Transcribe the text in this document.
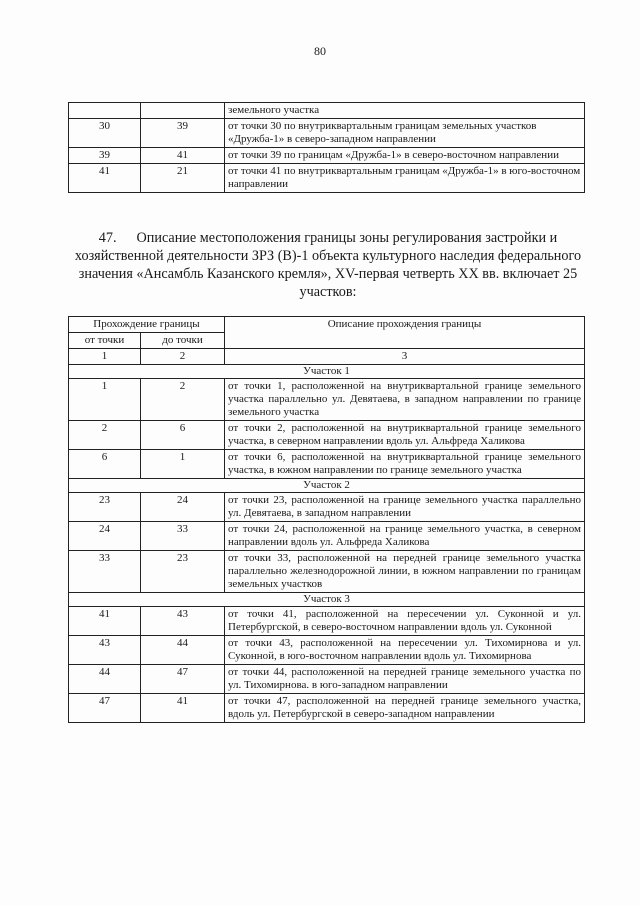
80
		земельного участка
30	39	от точки 30 по внутриквартальным границам земельных участков «Дружба-1» в северо-западном направлении
39	41	от точки 39 по границам «Дружба-1» в северо-восточном направлении
41	21	от точки 41 по внутриквартальным границам «Дружба-1» в юго-восточном направлении
47. Описание местоположения границы зоны регулирования застройки и хозяйственной деятельности ЗРЗ (В)-1 объекта культурного наследия федерального значения «Ансамбль Казанского кремля», XV-первая четверть XX вв. включает 25 участков:
Прохождение границы		Описание прохождения границы
от точки	до точки	
1	2	3
Участок 1		
1	2	от точки 1, расположенной на внутриквартальной границе земельного участка параллельно ул. Девятаева, в западном направлении по границе земельного участка
2	6	от точки 2, расположенной на внутриквартальной границе земельного участка, в северном направлении вдоль ул. Альфреда Халикова
6	1	от точки 6, расположенной на внутриквартальной границе земельного участка, в южном направлении по границе земельного участка
Участок 2		
23	24	от точки 23, расположенной на границе земельного участка параллельно ул. Девятаева, в западном направлении
24	33	от точки 24, расположенной на границе земельного участка, в северном направлении вдоль ул. Альфреда Халикова
33	23	от точки 33, расположенной на передней границе земельного участка параллельно железнодорожной линии, в южном направлении по границам земельных участков
Участок 3		
41	43	от точки 41, расположенной на пересечении ул. Суконной и ул. Петербургской, в северо-восточном направлении вдоль ул. Суконной
43	44	от точки 43, расположенной на пересечении ул. Тихомирнова и ул. Суконной, в юго-восточном направлении вдоль ул. Тихомирнова
44	47	от точки 44, расположенной на передней границе земельного участка по ул. Тихомирнова. в юго-западном направлении
47	41	от точки 47, расположенной на передней границе земельного участка, вдоль ул. Петербургской в северо-западном направлении
